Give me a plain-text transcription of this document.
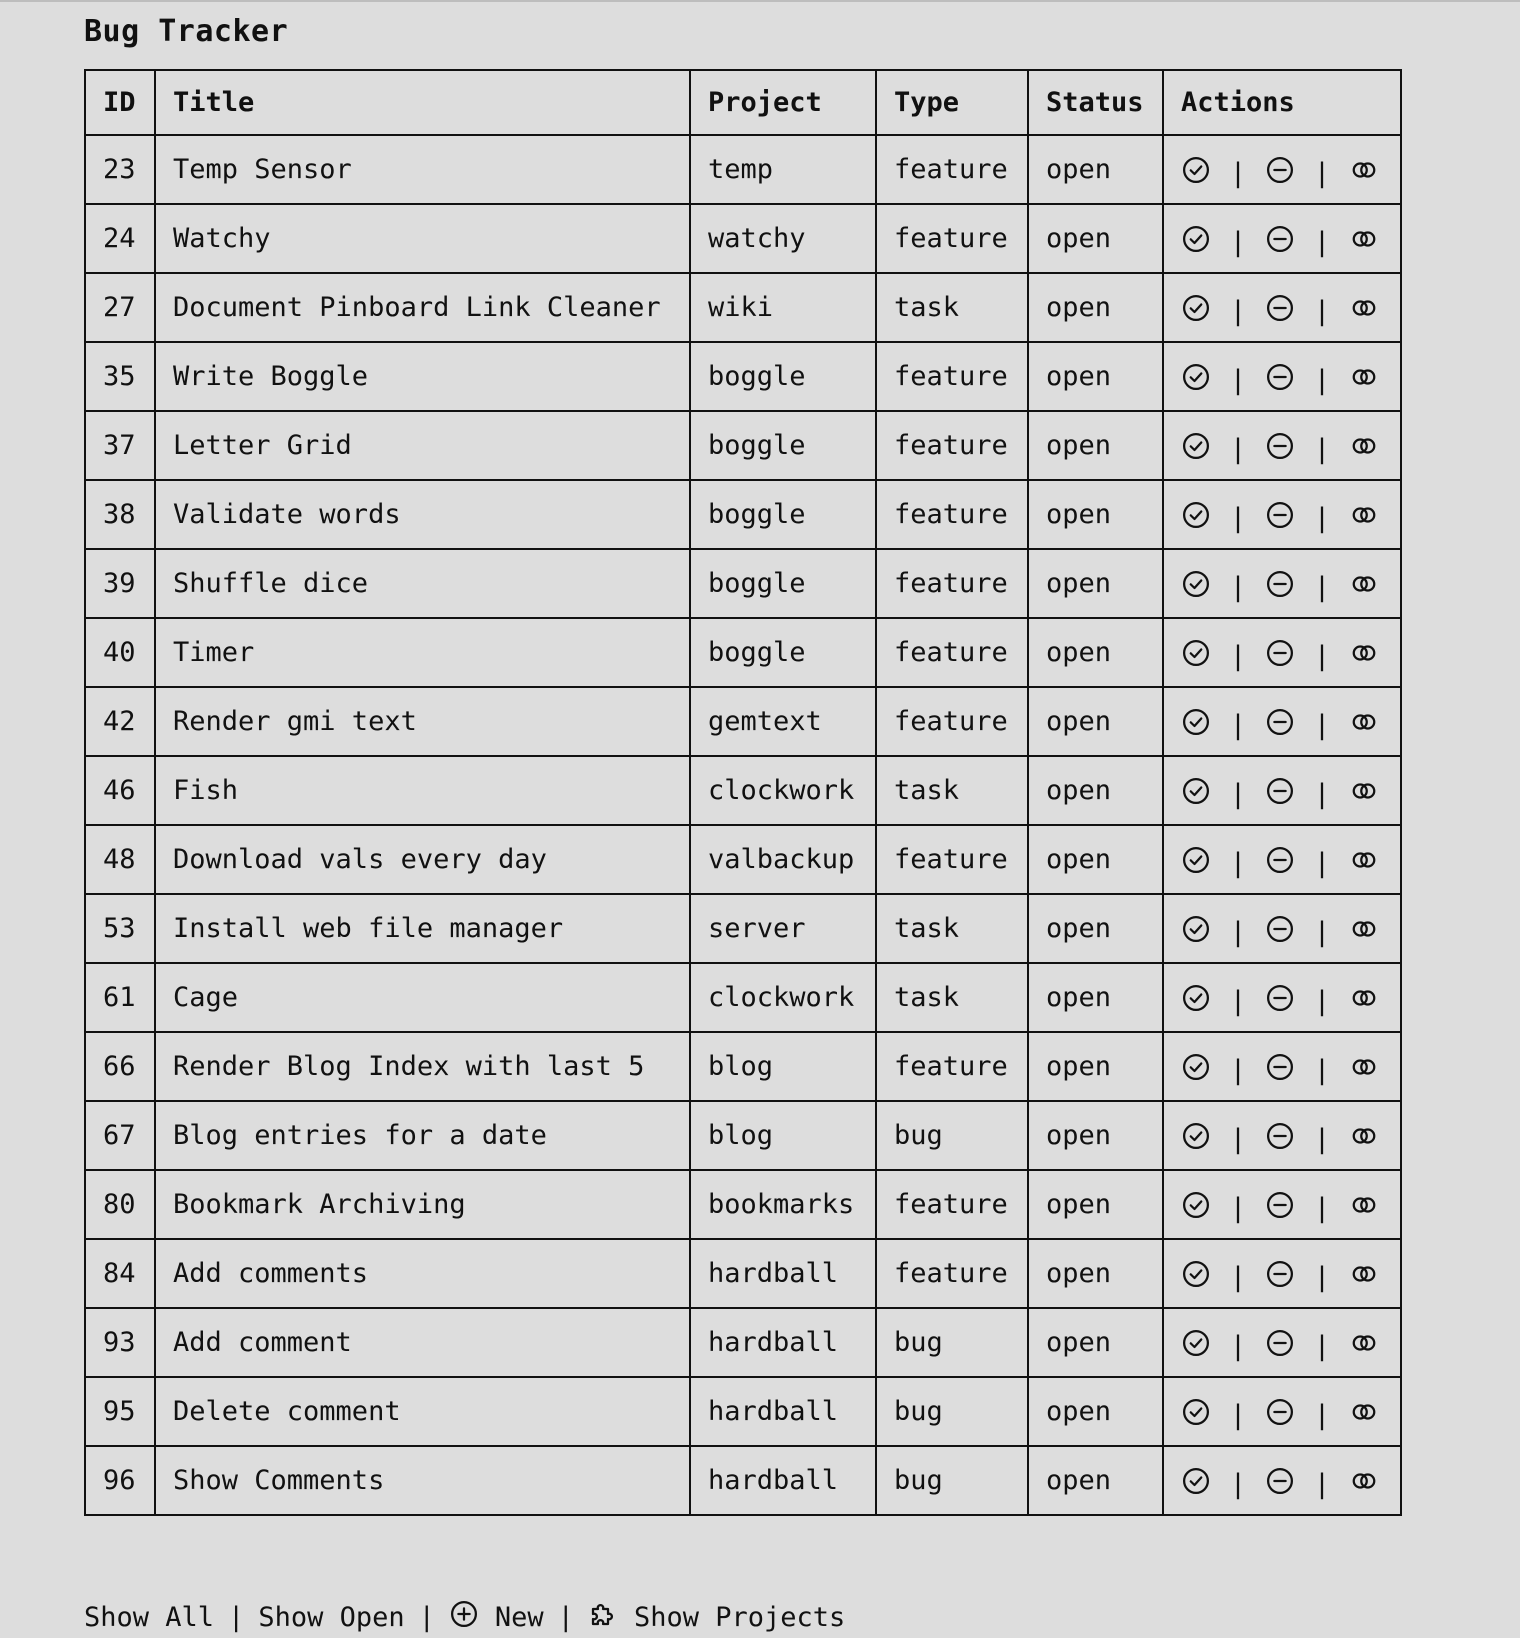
Bug Tracker
ID	Title	Project	Type	Status	Actions
23	Temp Sensor	temp	feature	open	| |

24	Watchy	watchy	feature	open	| |

27	Document Pinboard Link Cleaner	wiki	task	open	| |

35	Write Boggle	boggle	feature	open	| |

37	Letter Grid	boggle	feature	open	| |

38	Validate words	boggle	feature	open	| |

39	Shuffle dice	boggle	feature	open	| |

40	Timer	boggle	feature	open	| |

42	Render gmi text	gemtext	feature	open	| |

46	Fish	clockwork	task	open	| |

48	Download vals every day	valbackup	feature	open	| |

53	Install web file manager	server	task	open	| |

61	Cage	clockwork	task	open	| |

66	Render Blog Index with last 5	blog	feature	open	| |

67	Blog entries for a date	blog	bug	open	| |

80	Bookmark Archiving	bookmarks	feature	open	| |

84	Add comments	hardball	feature	open	| |

93	Add comment	hardball	bug	open	| |

95	Delete comment	hardball	bug	open	| |

96	Show Comments	hardball	bug	open	| |
Show All | Show Open |	New |	Show Projects
